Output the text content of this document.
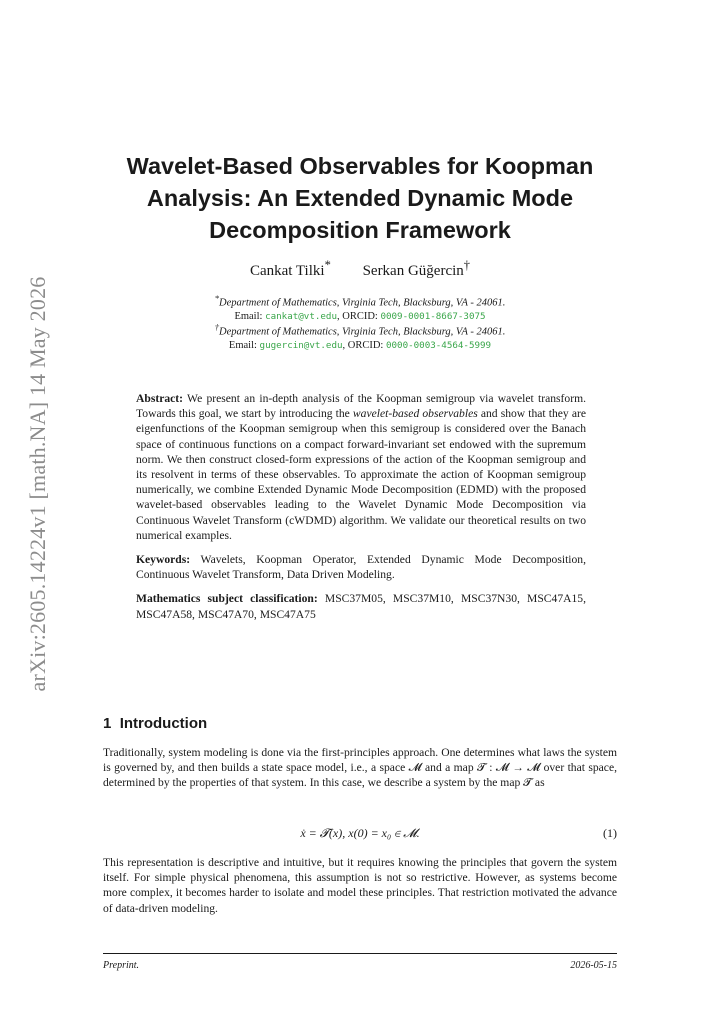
arXiv:2605.14224v1 [math.NA] 14 May 2026
Wavelet-Based Observables for Koopman Analysis: An Extended Dynamic Mode Decomposition Framework
Cankat Tilki* Serkan Güğercin†
*Department of Mathematics, Virginia Tech, Blacksburg, VA - 24061.
Email: cankat@vt.edu, ORCID: 0009-0001-8667-3075
†Department of Mathematics, Virginia Tech, Blacksburg, VA - 24061.
Email: gugercin@vt.edu, ORCID: 0000-0003-4564-5999

Abstract: We present an in-depth analysis of the Koopman semigroup via wavelet transform. Towards this goal, we start by introducing the wavelet-based observables and show that they are eigenfunctions of the Koopman semigroup when this semigroup is considered over the Banach space of continuous functions on a compact forward-invariant set endowed with the supremum norm. We then construct closed-form expressions of the action of the Koopman semigroup and its resolvent in terms of these observables. To approximate the action of Koopman semigroup numerically, we combine Extended Dynamic Mode Decomposition (EDMD) with the proposed wavelet-based observables leading to the Wavelet Dynamic Mode Decomposition via Continuous Wavelet Transform (cWDMD) algorithm. We validate our theoretical results on two numerical examples.

Keywords: Wavelets, Koopman Operator, Extended Dynamic Mode Decomposition, Continuous Wavelet Transform, Data Driven Modeling.

Mathematics subject classification: MSC37M05, MSC37M10, MSC37N30, MSC47A15, MSC47A58, MSC47A70, MSC47A75

1 Introduction

Traditionally, system modeling is done via the first-principles approach. One determines what laws the system is governed by, and then builds a state space model, i.e., a space 𝓜 and a map 𝓣 : 𝓜 → 𝓜 over that space, determined by the properties of that system. In this case, we describe a system by the map 𝓣 as

ẋ = 𝓣(x), x(0) = x₀ ∈ 𝓜.	(1)

This representation is descriptive and intuitive, but it requires knowing the principles that govern the system itself. For simple physical phenomena, this assumption is not so restrictive. However, as systems become more complex, it becomes harder to isolate and model these principles. That restriction motivated the advance of data-driven modeling.

Preprint.	2026-05-15
